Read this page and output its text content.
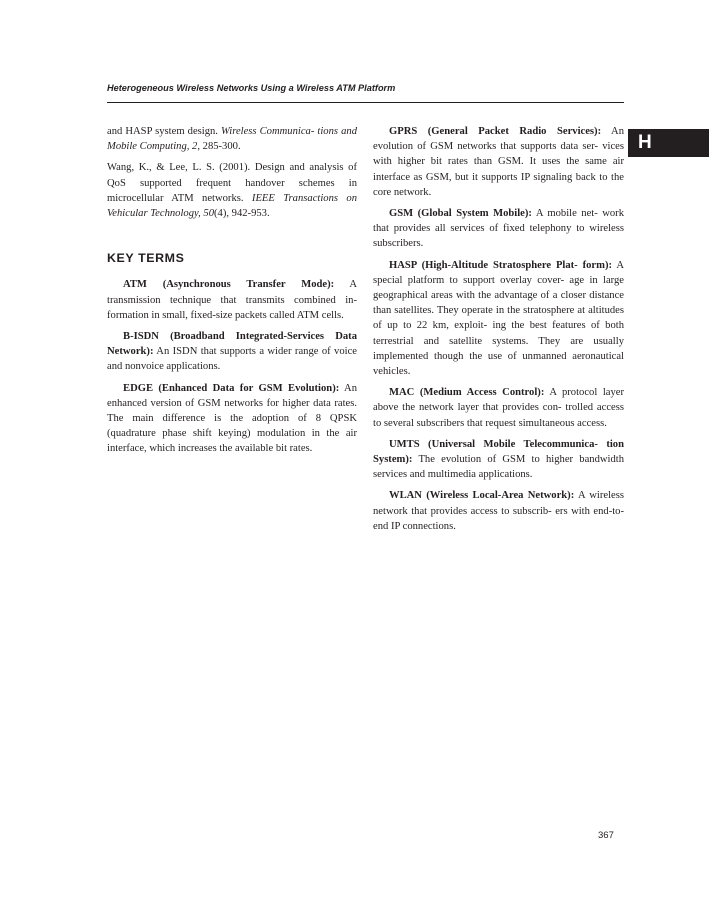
Heterogeneous Wireless Networks Using a Wireless ATM Platform
H

and HASP system design. Wireless Communica- tions and Mobile Computing, 2, 285-300.

Wang, K., & Lee, L. S. (2001). Design and analysis of QoS supported frequent handover schemes in microcellular ATM networks. IEEE Transactions on Vehicular Technology, 50(4), 942-953.

KEY TERMS

ATM (Asynchronous Transfer Mode): A transmission technique that transmits combined in- formation in small, fixed-size packets called ATM cells.

B-ISDN (Broadband Integrated-Services Data Network): An ISDN that supports a wider range of voice and nonvoice applications.

EDGE (Enhanced Data for GSM Evolution): An enhanced version of GSM networks for higher data rates. The main difference is the adoption of 8 QPSK (quadrature phase shift keying) modulation in the air interface, which increases the available bit rates.

GPRS (General Packet Radio Services): An evolution of GSM networks that supports data ser- vices with higher bit rates than GSM. It uses the same air interface as GSM, but it supports IP signaling back to the core network.

GSM (Global System Mobile): A mobile net- work that provides all services of fixed telephony to wireless subscribers.

HASP (High-Altitude Stratosphere Plat- form): A special platform to support overlay cover- age in large geographical areas with the advantage of a closer distance than satellites. They operate in the stratosphere at altitudes of up to 22 km, exploit- ing the best features of both terrestrial and satellite systems. They are usually implemented though the use of unmanned aeronautical vehicles.

MAC (Medium Access Control): A protocol layer above the network layer that provides con- trolled access to several subscribers that request simultaneous access.

UMTS (Universal Mobile Telecommunica- tion System): The evolution of GSM to higher bandwidth services and multimedia applications.

WLAN (Wireless Local-Area Network): A wireless network that provides access to subscrib- ers with end-to-end IP connections.

367
